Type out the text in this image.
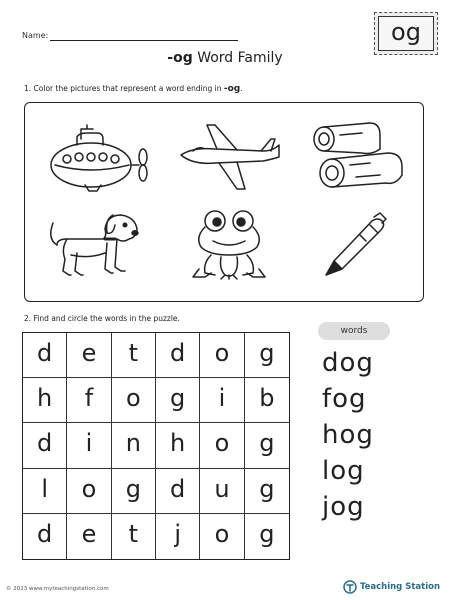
Name:	og
-og Word Family
1. Color the pictures that represent a word ending in -og.
2. Find and circle the words in the puzzle.
d	e	t	d	o	g
h	f	o	g	i	b
d	i	n	h	o	g
l	o	g	d	u	g
d	e	t	j	o	g
words
dog
fog
hog
log
jog
© 2023 www.myteachingstation.com	Teaching Station
